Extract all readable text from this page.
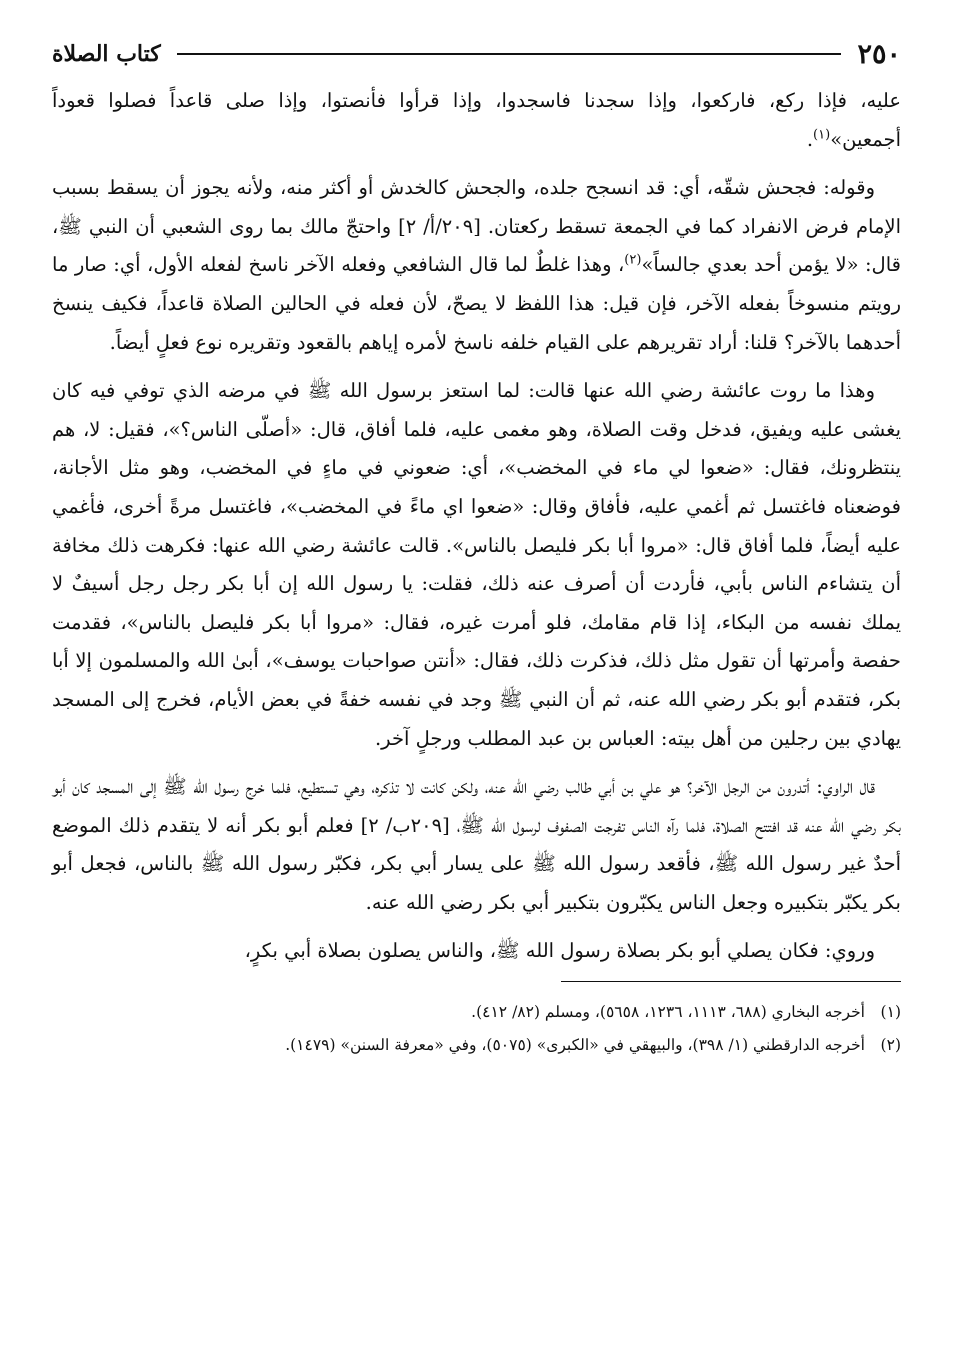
٢٥٠
كتاب الصلاة

عليه، فإذا ركع، فاركعوا، وإذا سجدنا فاسجدوا، وإذا قرأوا فأنصتوا، وإذا صلى قاعداً فصلوا قعوداً أجمعين»$^{(١)}$.

وقوله: فجحش شقّه، أي: قد انسجح جلده، والجحش كالخدش أو أكثر منه، ولأنه يجوز أن يسقط بسبب الإمام فرض الانفراد كما في الجمعة تسقط ركعتان. [٢٠٩/أ/ ٢] واحتجّ مالك بما روى الشعبي أن النبي ﷺ، قال: «لا يؤمن أحد بعدي جالساً»$^{(٢)}$، وهذا غلطٌ لما قال الشافعي وفعله الآخر ناسخ لفعله الأول، أي: صار ما رويتم منسوخاً بفعله الآخر، فإن قيل: هذا اللفظ لا يصحّ، لأن فعله في الحالين الصلاة قاعداً، فكيف ينسخ أحدهما بالآخر؟ قلنا: أراد تقريرهم على القيام خلفه ناسخ لأمره إياهم بالقعود وتقريره نوع فعلٍ أيضاً.

وهذا ما روت عائشة رضي الله عنها قالت: لما استعز برسول الله ﷺ في مرضه الذي توفي فيه كان يغشى عليه ويفيق، فدخل وقت الصلاة، وهو مغمى عليه، فلما أفاق، قال: «أصلّى الناس؟»، فقيل: لا، هم ينتظرونك، فقال: «ضعوا لي ماء في المخضب»، أي: ضعوني في ماءٍ في المخضب، وهو مثل الأجانة، فوضعناه فاغتسل ثم أغمي عليه، فأفاق وقال: «ضعوا اي ماءً في المخضب»، فاغتسل مرةً أخرى، فأغمي عليه أيضاً، فلما أفاق قال: «مروا أبا بكر فليصل بالناس». قالت عائشة رضي الله عنها: فكرهت ذلك مخافة أن يتشاءم الناس بأبي، فأردت أن أصرف عنه ذلك، فقلت: يا رسول الله إن أبا بكر رجل رجل أسيفٌ لا يملك نفسه من البكاء، إذا قام مقامك، فلو أمرت غيره، فقال: «مروا أبا بكر فليصل بالناس»، فقدمت حفصة وأمرتها أن تقول مثل ذلك، فذكرت ذلك، فقال: «أنتن صواحبات يوسف»، أبىٰ الله والمسلمون إلا أبا بكر، فتقدم أبو بكر رضي الله عنه، ثم أن النبي ﷺ وجد في نفسه خفةً في بعض الأيام، فخرج إلى المسجد يهادي بين رجلين من أهل بيته: العباس بن عبد المطلب ورجلٍ آخر.

قال الراوي: أتدرون من الرجل الآخر؟ هو علي بن أبي طالب رضي الله عنه، ولكن كانت لا تذكره، وهي تستطيع، فلما خرج رسول الله ﷺ إلى المسجد كان أبو بكر رضي الله عنه قد افتتح الصلاة، فلما رآه الناس تفرجت الصفوف لرسول الله ﷺ، [٢٠٩ب/ ٢] فعلم أبو بكر أنه لا يتقدم ذلك الموضع أحدٌ غير رسول الله ﷺ، فأقعد رسول الله ﷺ على يسار أبي بكر، فكبّر رسول الله ﷺ بالناس، فجعل أبو بكر يكبّر بتكبيره وجعل الناس يكبّرون بتكبير أبي بكر رضي الله عنه.

وروي: فكان يصلي أبو بكر بصلاة رسول الله ﷺ، والناس يصلون بصلاة أبي بكرٍ،

(١)
أخرجه البخاري (٦٨٨، ١١١٣، ١٢٣٦، ٥٦٥٨)، ومسلم (٨٢/ ٤١٢).
(٢)
أخرجه الدارقطني (١/ ٣٩٨)، والبيهقي في «الكبرى» (٥٠٧٥)، وفي «معرفة السنن» (١٤٧٩).
